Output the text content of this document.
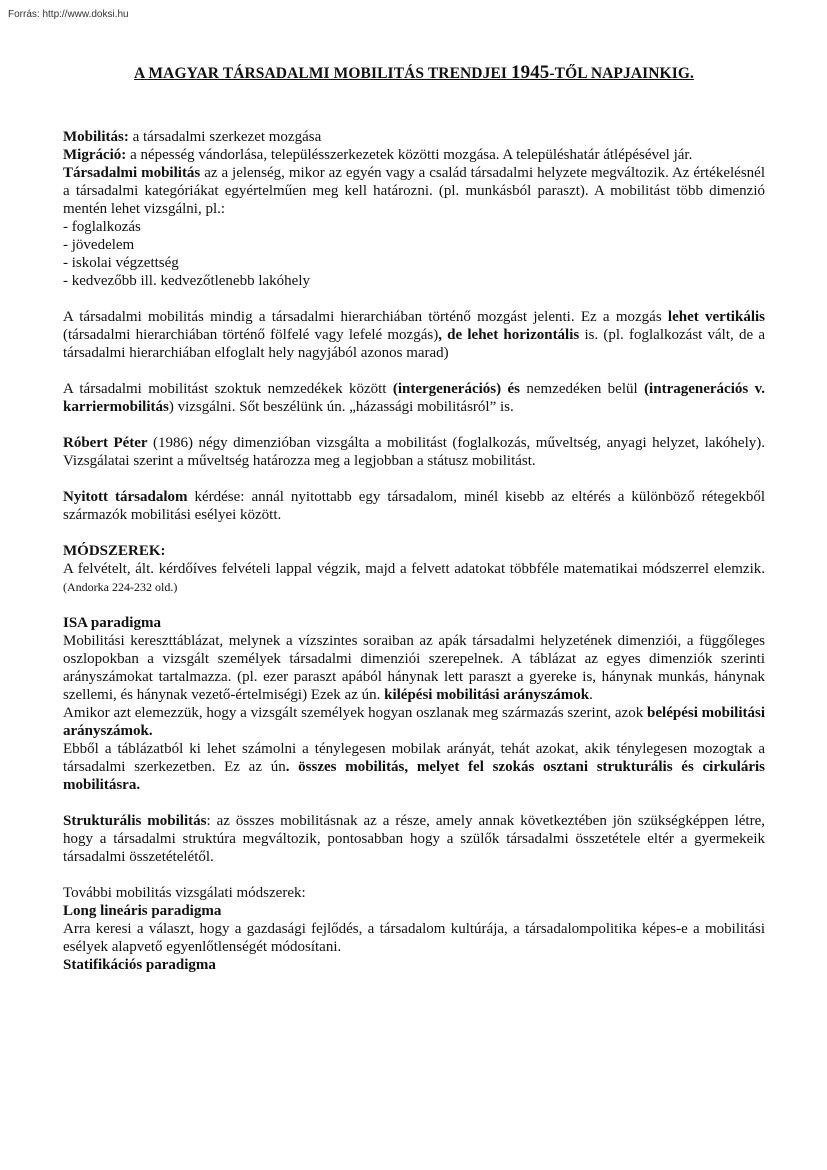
Forrás: http://www.doksi.hu
A MAGYAR TÁRSADALMI MOBILITÁS TRENDJEI 1945-TŐL NAPJAINKIG.

Mobilitás: a társadalmi szerkezet mozgása

Migráció: a népesség vándorlása, településszerkezetek közötti mozgása. A településhatár átlépésével jár.

Társadalmi mobilitás az a jelenség, mikor az egyén vagy a család társadalmi helyzete megváltozik. Az értékelésnél a társadalmi kategóriákat egyértelműen meg kell határozni. (pl. munkásból paraszt). A mobilitást több dimenzió mentén lehet vizsgálni, pl.:

- foglalkozás
- jövedelem
- iskolai végzettség
- kedvezőbb ill. kedvezőtlenebb lakóhely

A társadalmi mobilitás mindig a társadalmi hierarchiában történő mozgást jelenti. Ez a mozgás lehet vertikális (társadalmi hierarchiában történő fölfelé vagy lefelé mozgás), de lehet horizontális is. (pl. foglalkozást vált, de a társadalmi hierarchiában elfoglalt hely nagyjából azonos marad)

A társadalmi mobilitást szoktuk nemzedékek között (intergenerációs) és nemzedéken belül (intragenerációs v. karriermobilitás) vizsgálni. Sőt beszélünk ún. „házassági mobilitásról” is.

Róbert Péter (1986) négy dimenzióban vizsgálta a mobilitást (foglalkozás, műveltség, anyagi helyzet, lakóhely). Vizsgálatai szerint a műveltség határozza meg a legjobban a státusz mobilitást.

Nyitott társadalom kérdése: annál nyitottabb egy társadalom, minél kisebb az eltérés a különböző rétegekből származók mobilitási esélyei között.

MÓDSZEREK:

A felvételt, ált. kérdőíves felvételi lappal végzik, majd a felvett adatokat többféle matematikai módszerrel elemzik. (Andorka 224-232 old.)

ISA paradigma

Mobilitási kereszttáblázat, melynek a vízszintes soraiban az apák társadalmi helyzetének dimenziói, a függőleges oszlopokban a vizsgált személyek társadalmi dimenziói szerepelnek. A táblázat az egyes dimenziók szerinti arányszámokat tartalmazza. (pl. ezer paraszt apából hánynak lett paraszt a gyereke is, hánynak munkás, hánynak szellemi, és hánynak vezető-értelmiségi) Ezek az ún. kilépési mobilitási arányszámok.

Amikor azt elemezzük, hogy a vizsgált személyek hogyan oszlanak meg származás szerint, azok belépési mobilitási arányszámok.

Ebből a táblázatból ki lehet számolni a ténylegesen mobilak arányát, tehát azokat, akik ténylegesen mozogtak a társadalmi szerkezetben. Ez az ún. összes mobilitás, melyet fel szokás osztani strukturális és cirkuláris mobilitásra.

Strukturális mobilitás: az összes mobilitásnak az a része, amely annak következtében jön szükségképpen létre, hogy a társadalmi struktúra megváltozik, pontosabban hogy a szülők társadalmi összetétele eltér a gyermekeik társadalmi összetételétől.

További mobilitás vizsgálati módszerek:

Long lineáris paradigma

Arra keresi a választ, hogy a gazdasági fejlődés, a társadalom kultúrája, a társadalompolitika képes-e a mobilitási esélyek alapvető egyenlőtlenségét módosítani.

Statifikációs paradigma
